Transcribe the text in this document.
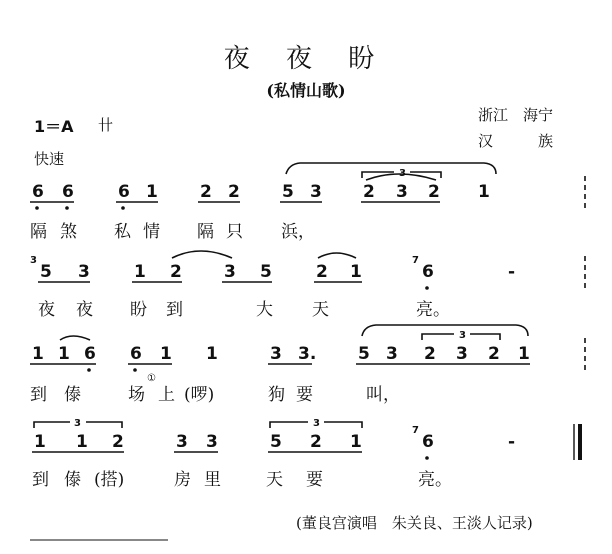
夜 夜 盼
(私情山歌)
浙江　海宁
汉　　　族
1＝A 卄
快速
6 6	6 1 2 2 5 3 2 3 2 1
3
隔 煞 私 情 隔 只 浜，
3
5 3	1 2 3 5	2 1
7
6	-
夜 夜 盼 到	大 天	亮。
1 1 6 6 1 1	3 3. 5 3 2 3 2 1
3
到 傣	场
①
上 (啰)	狗 要	叫，
1 1 2	3 3	5 2 1
7
6	-
3	3
到 傣 (搭)	房 里	天 要	亮。
(董良宫演唱　朱关良、王淡人记录)
